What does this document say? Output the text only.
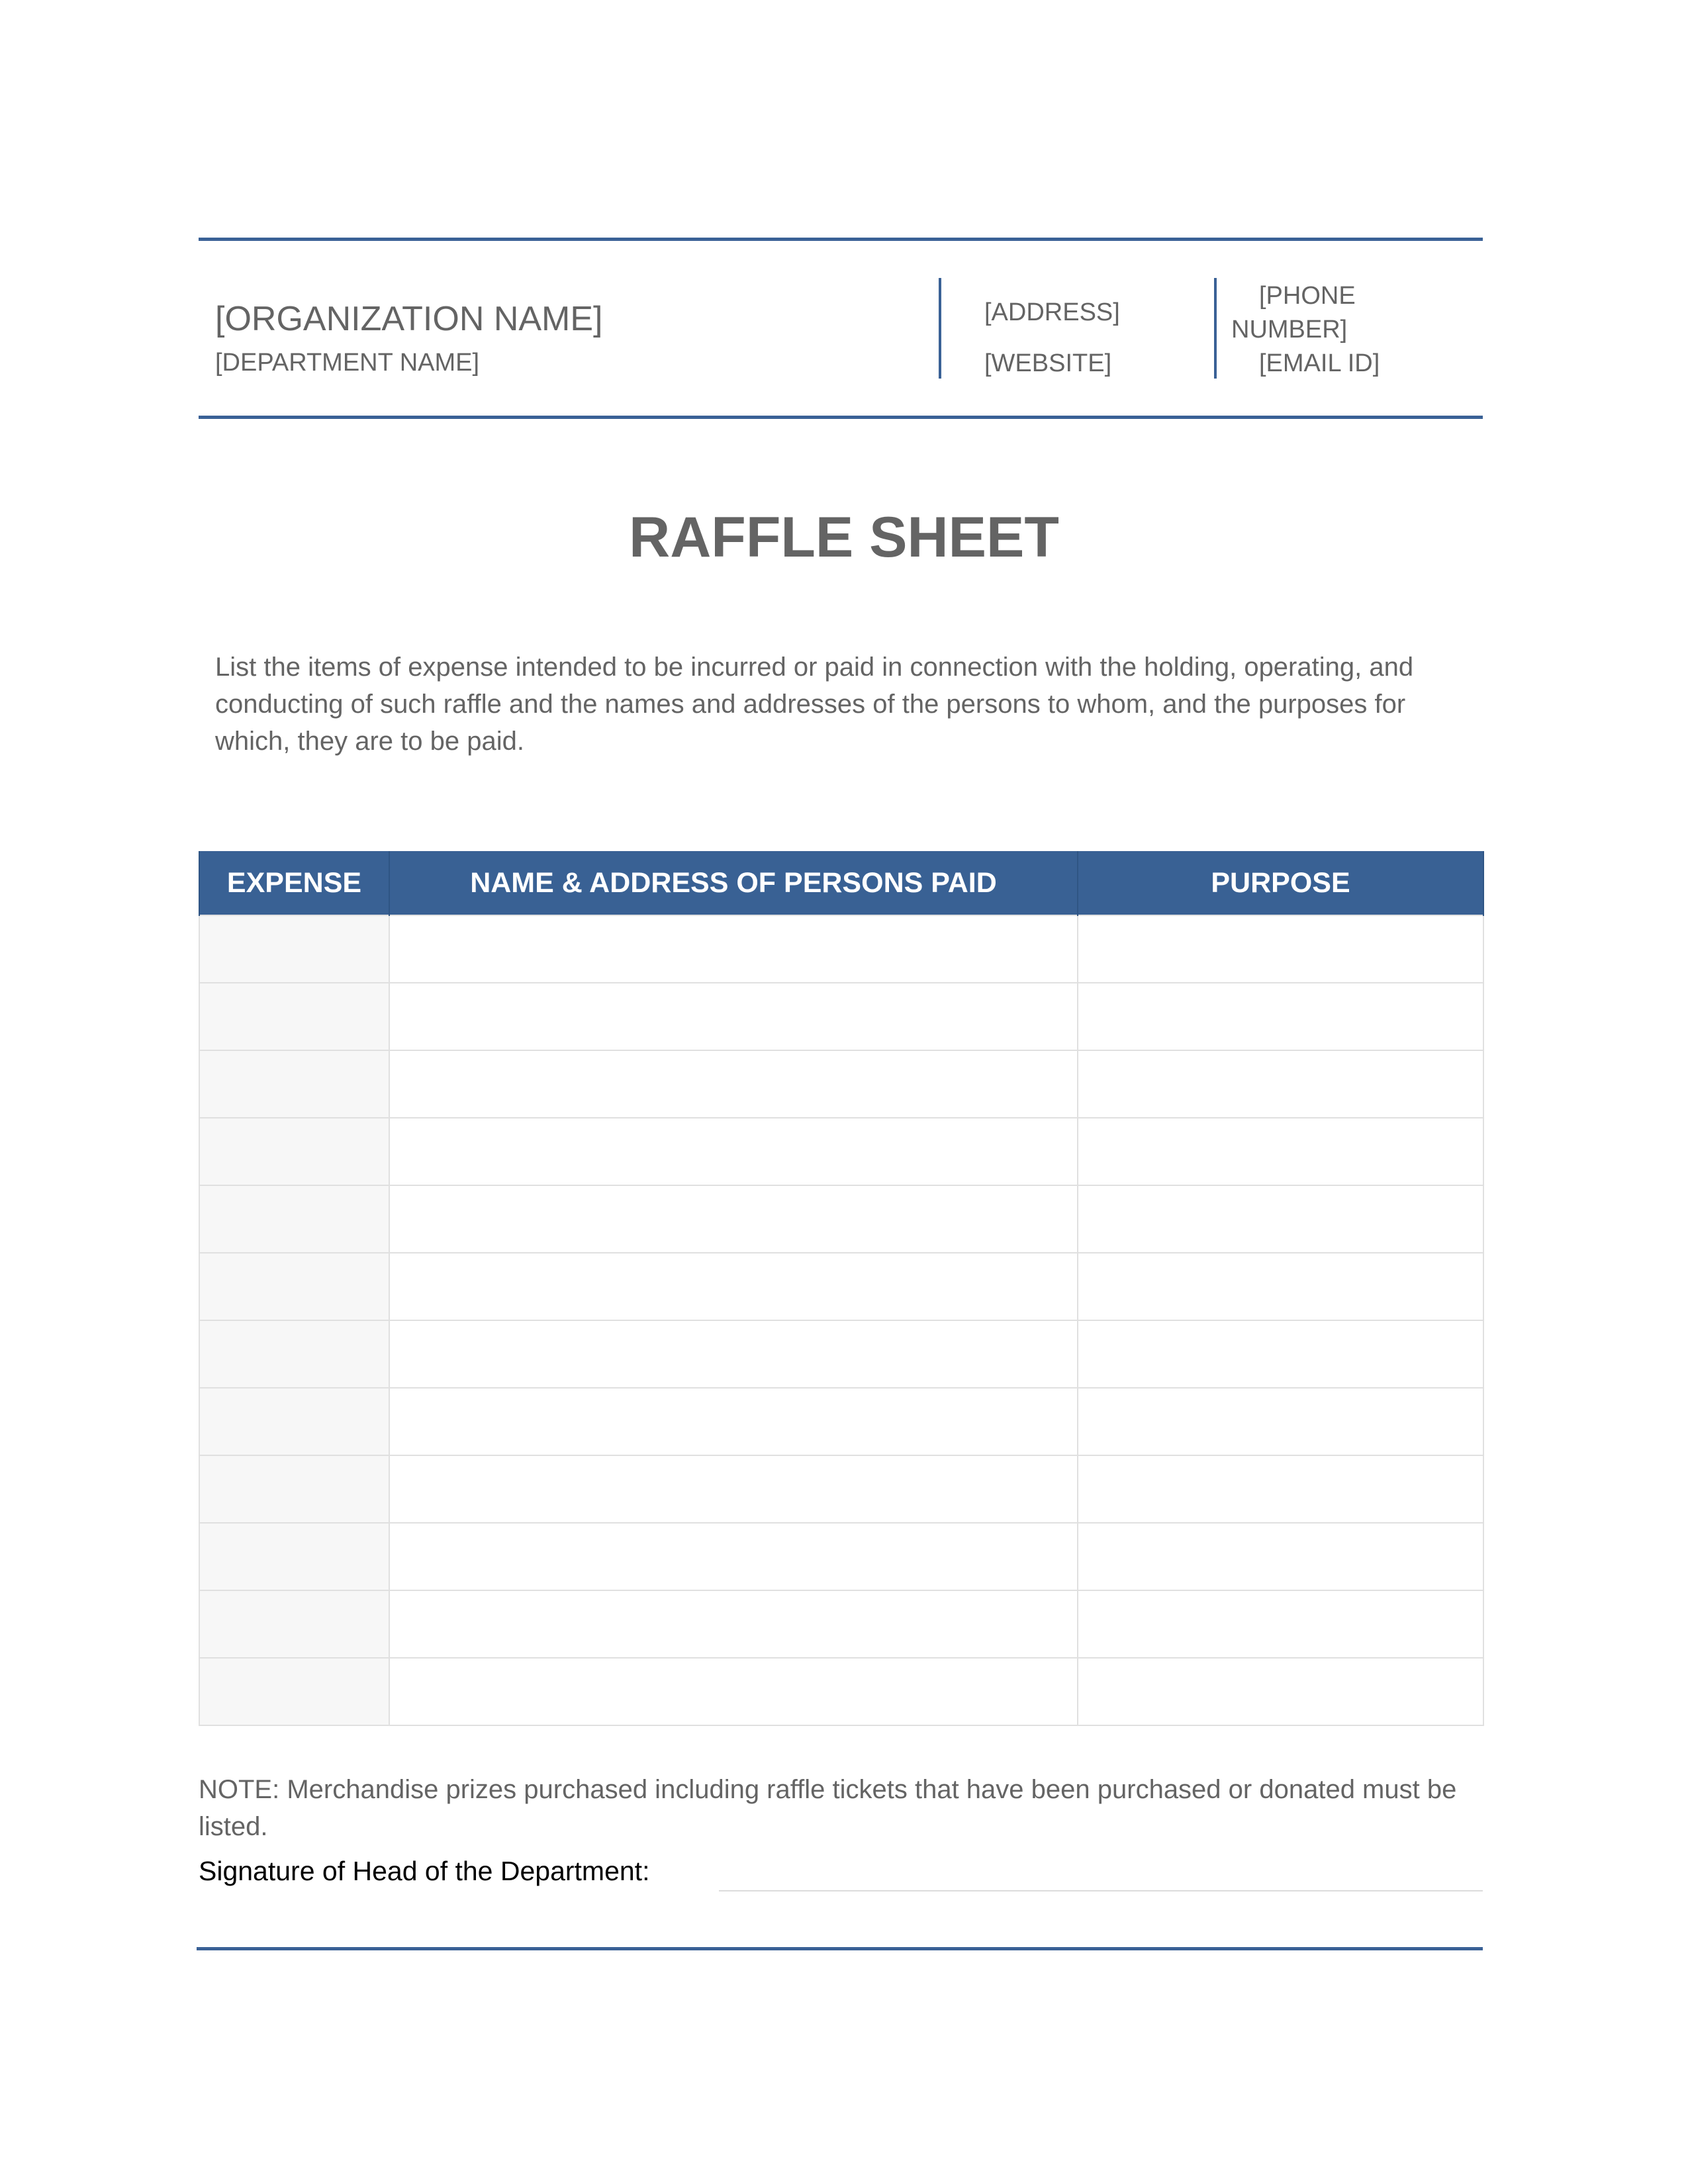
[ORGANIZATION NAME]
[DEPARTMENT NAME]
[ADDRESS]
[WEBSITE]
[PHONE
NUMBER]
[EMAIL ID]
RAFFLE SHEET

List the items of expense intended to be incurred or paid in connection with the holding, operating, and conducting of such raffle and the names and addresses of the persons to whom, and the purposes for which, they are to be paid.

EXPENSE	NAME & ADDRESS OF PERSONS PAID	PURPOSE

NOTE: Merchandise prizes purchased including raffle tickets that have been purchased or donated must be listed.

Signature of Head of the Department:
